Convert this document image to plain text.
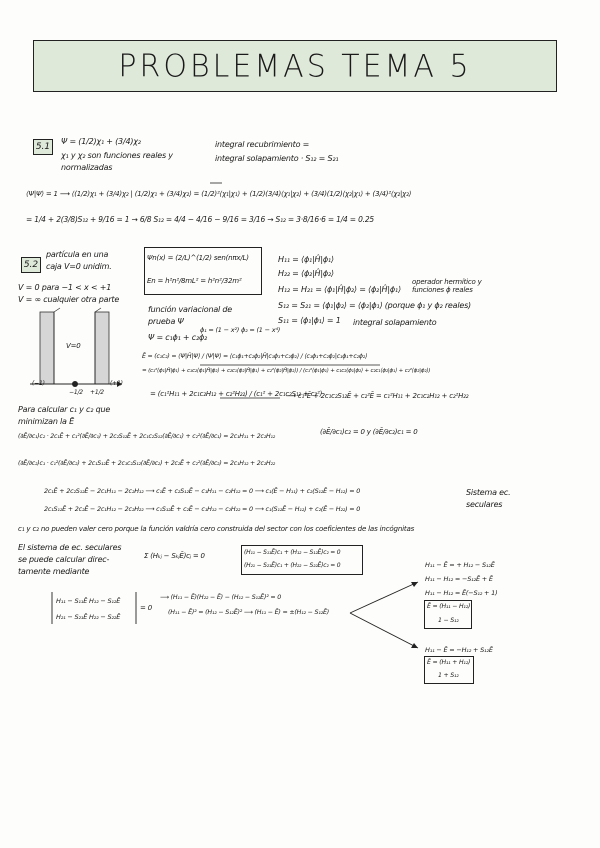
PROBLEMAS TEMA 5
5.1
Ψ = (1/2)χ₁ + (3/4)χ₂
χ₁ y χ₂ son funciones reales y
normalizadas
integral recubrimiento =
integral solapamiento · S₁₂ = S₂₁
⟨Ψ|Ψ⟩ = 1 ⟶ ⟨(1/2)χ₁ + (3/4)χ₂ | (1/2)χ₁ + (3/4)χ₂⟩ = (1/2)²⟨χ₁|χ₁⟩ + (1/2)(3/4)⟨χ₁|χ₂⟩ + (3/4)(1/2)⟨χ₂|χ₁⟩ + (3/4)²⟨χ₂|χ₂⟩
= 1/4 + 2(3/8)S₁₂ + 9/16 = 1 → 6/8 S₁₂ = 4/4 − 4/16 − 9/16 = 3/16 → S₁₂ = 3·8/16·6 = 1/4 = 0.25
5.2
partícula en una
caja V=0 unidim.
V = 0 para −1 < x < +1
V = ∞ cualquier otra parte
V=0
(−1)
−1/2 +1/2
(+1)
Ψn(x) = (2/L)^(1/2) sen(nπx/L)
En = h²n²/8mL² = h²n²/32m²
H₁₁ = ⟨ϕ₁|Ĥ|ϕ₁⟩
H₂₂ = ⟨ϕ₂|Ĥ|ϕ₂⟩
H₁₂ = H₂₁ = ⟨ϕ₁|Ĥ|ϕ₂⟩ = ⟨ϕ₂|Ĥ|ϕ₁⟩
operador hermítico y funciones ϕ reales
S₁₂ = S₂₁ = ⟨ϕ₁|ϕ₂⟩ = ⟨ϕ₂|ϕ₁⟩ (porque ϕ₁ y ϕ₂ reales)
S₁₁ = ⟨ϕ₁|ϕ₁⟩ = 1 integral solapamiento
función variacional de
prueba Ψ
ϕ₁ = (1 − x²) ϕ₂ = (1 − x⁴)
Ψ = c₁ϕ₁ + c₂ϕ₂
Ē = (c₁c₂) = ⟨Ψ|Ĥ|Ψ⟩ / ⟨Ψ|Ψ⟩ = ⟨c₁ϕ₁+c₂ϕ₂|Ĥ|c₁ϕ₁+c₂ϕ₂⟩ / ⟨c₁ϕ₁+c₂ϕ₂|c₁ϕ₁+c₂ϕ₂⟩
= (c₁²⟨ϕ₁|Ĥ|ϕ₁⟩ + c₁c₂⟨ϕ₁|Ĥ|ϕ₂⟩ + c₂c₁⟨ϕ₂|Ĥ|ϕ₁⟩ + c₂²⟨ϕ₂|Ĥ|ϕ₂⟩) / (c₁²⟨ϕ₁|ϕ₁⟩ + c₁c₂⟨ϕ₁|ϕ₂⟩ + c₂c₁⟨ϕ₂|ϕ₁⟩ + c₂²⟨ϕ₂|ϕ₂⟩)
= (c₁²H₁₁ + 2c₁c₂H₁₂ + c₂²H₂₂) / (c₁² + 2c₁c₂S₁₂ + c₂²)
⟶ c₁²Ē + 2c₁c₂S₁₂Ē + c₂²Ē = c₁²H₁₁ + 2c₁c₂H₁₂ + c₂²H₂₂
Para calcular c₁ y c₂ que
minimizan la Ē
(∂Ē/∂c₁)c₂ · 2c₁Ē + c₁²(∂Ē/∂c₁) + 2c₂S₁₂Ē + 2c₁c₂S₁₂(∂Ē/∂c₁) + c₂²(∂Ē/∂c₁) = 2c₁H₁₁ + 2c₂H₁₂
(∂Ē/∂c₁)c₂ = 0 y (∂Ē/∂c₂)c₁ = 0
(∂Ē/∂c₂)c₁ · c₁²(∂Ē/∂c₂) + 2c₁S₁₂Ē + 2c₁c₂S₁₂(∂Ē/∂c₂) + 2c₂Ē + c₂²(∂Ē/∂c₂) = 2c₁H₁₂ + 2c₂H₂₂
2c₁Ē + 2c₂S₁₂Ē − 2c₁H₁₁ − 2c₂H₁₂ ⟶ c₁Ē + c₂S₁₂Ē − c₁H₁₁ − c₂H₁₂ = 0 ⟶ c₁(Ē − H₁₁) + c₂(S₁₂Ē − H₁₂) = 0
2c₁S₁₂Ē + 2c₂Ē − 2c₁H₁₂ − 2c₂H₂₂ ⟶ c₁S₁₂Ē + c₂Ē − c₁H₁₂ − c₂H₂₂ = 0 ⟶ c₁(S₁₂Ē − H₁₂) + c₂(Ē − H₂₂) = 0
Sistema ec.
seculares
c₁ y c₂ no pueden valer cero porque la función valdría cero construida del sector con los coeficientes de las incógnitas
El sistema de ec. seculares
se puede calcular direc-
tamente mediante
Σ (Hₖⱼ − SₖⱼĒ)cⱼ = 0	(H₁₁ − S₁₁Ē)c₁ + (H₁₂ − S₁₂Ē)c₂ = 0
(H₂₁ − S₂₁Ē)c₁ + (H₂₂ − S₂₂Ē)c₂ = 0
H₁₁ − S₁₁Ē H₁₂ − S₁₂Ē
H₂₁ − S₂₁Ē H₂₂ − S₂₂Ē
= 0
⟶ (H₁₁ − Ē)(H₂₂ − Ē) − (H₁₂ − S₁₂Ē)² = 0
(H₁₁ − Ē)² = (H₁₂ − S₁₂Ē)² ⟶ (H₁₁ − Ē) = ±(H₁₂ − S₁₂Ē)
H₁₁ − Ē = + H₁₂ − S₁₂Ē
H₁₁ − H₁₂ = −S₁₂Ē + Ē
H₁₁ − H₁₂ = Ē(−S₁₂ + 1)
Ē = (H₁₁ − H₁₂)
1 − S₁₂
H₁₁ − Ē = −H₁₂ + S₁₂Ē
Ē = (H₁₁ + H₁₂)
1 + S₁₂
